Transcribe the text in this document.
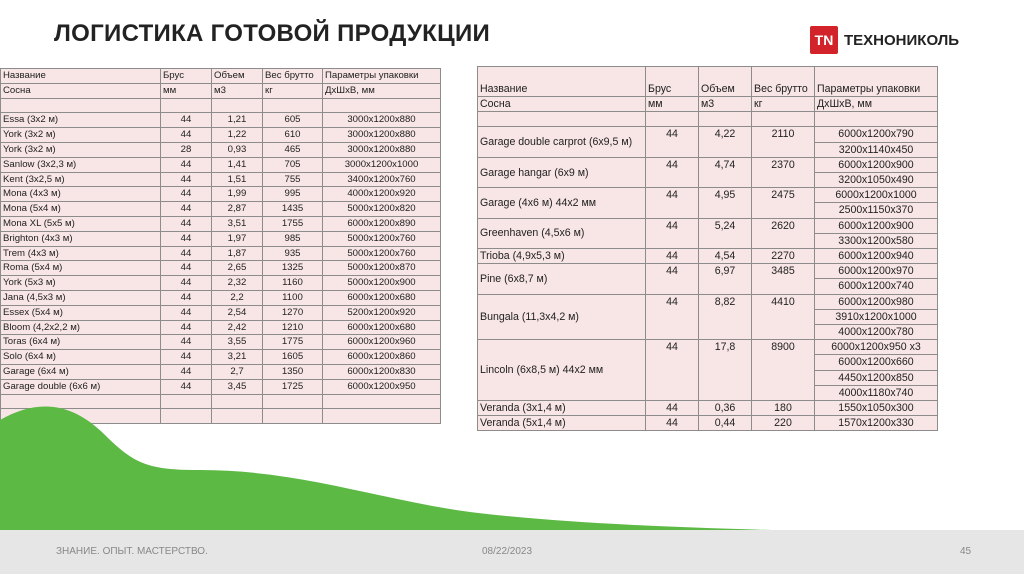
ЛОГИСТИКА ГОТОВОЙ ПРОДУКЦИИ	TN ТЕХНОНИКОЛЬ
Название	Брус	Объем	Вес брутто	Параметры упаковки
Сосна	мм	м3	кг	ДхШхВ, мм

Essa (3x2 м)	44	1,21	605	3000x1200x880
York (3x2 м)	44	1,22	610	3000x1200x880
York (3x2 м)	28	0,93	465	3000x1200x880
Sanlow (3x2,3 м)	44	1,41	705	3000x1200x1000
Kent (3x2,5 м)	44	1,51	755	3400x1200x760
Mona (4x3 м)	44	1,99	995	4000x1200x920
Mona (5x4 м)	44	2,87	1435	5000x1200x820
Mona XL (5x5 м)	44	3,51	1755	6000x1200x890
Brighton (4x3 м)	44	1,97	985	5000x1200x760
Trem (4x3 м)	44	1,87	935	5000x1200x760
Roma (5x4 м)	44	2,65	1325	5000x1200x870
York (5x3 м)	44	2,32	1160	5000x1200x900
Jana (4,5x3 м)	44	2,2	1100	6000x1200x680
Essex (5x4 м)	44	2,54	1270	5200x1200x920
Bloom (4,2x2,2 м)	44	2,42	1210	6000x1200x680
Toras (6x4 м)	44	3,55	1775	6000x1200x960
Solo (6x4 м)	44	3,21	1605	6000x1200x860
Garage (6x4 м)	44	2,7	1350	6000x1200x830
Garage double (6x6 м)	44	3,45	1725	6000x1200x950

Название	Брус	Объем	Вес брутто	Параметры упаковки
Сосна	мм	м3	кг	ДхШхВ, мм

Garage double carprot (6x9,5 м)	44	4,22	2110	6000x1200x790
				3200x1140x450
Garage hangar (6x9 м)	44	4,74	2370	6000x1200x900
				3200x1050x490
Garage (4x6 м) 44x2 мм	44	4,95	2475	6000x1200x1000
				2500x1150x370
Greenhaven (4,5x6 м)	44	5,24	2620	6000x1200x900
				3300x1200x580
Trioba (4,9x5,3 м)	44	4,54	2270	6000x1200x940
Pine (6x8,7 м)	44	6,97	3485	6000x1200x970
				6000x1200x740
Bungala (11,3x4,2 м)	44	8,82	4410	6000x1200x980
				3910x1200x1000
				4000x1200x780
Lincoln (6x8,5 м) 44x2 мм	44	17,8	8900	6000x1200x950 x3
				6000x1200x660
				4450x1200x850
				4000x1180x740
Veranda (3x1,4 м)	44	0,36	180	1550x1050x300
Veranda (5x1,4 м)	44	0,44	220	1570x1200x330
ЗНАНИЕ. ОПЫТ. МАСТЕРСТВО.	08/22/2023	45
